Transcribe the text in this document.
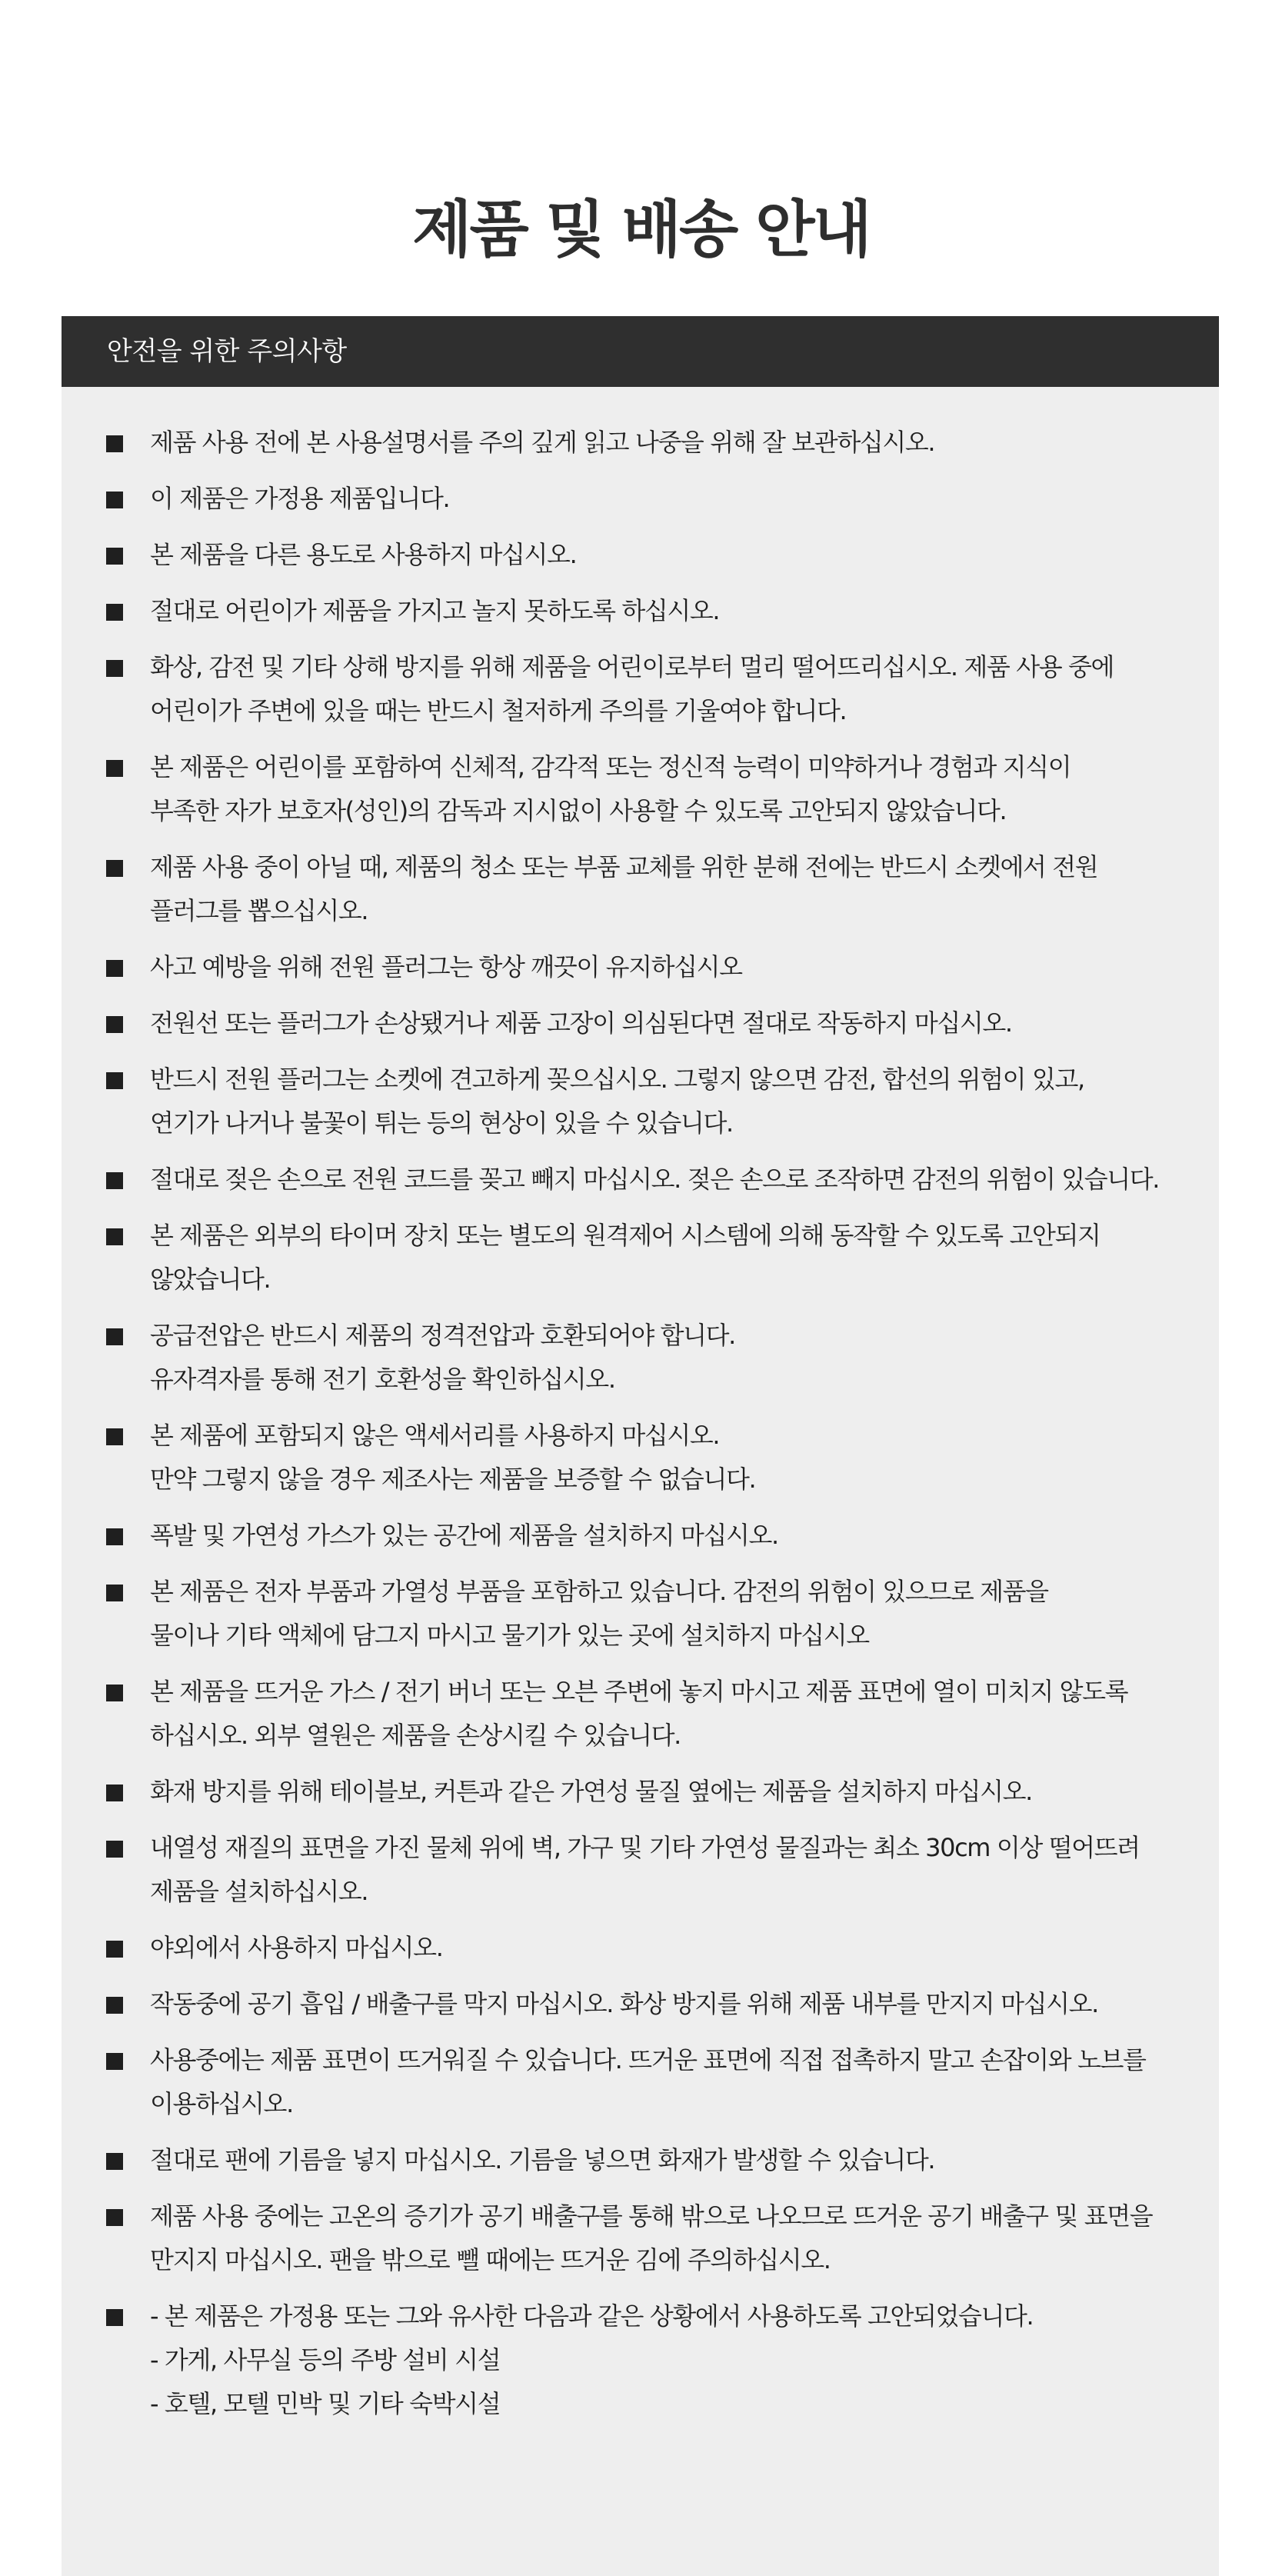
제품 및 배송 안내
안전을 위한 주의사항
제품 사용 전에 본 사용설명서를 주의 깊게 읽고 나중을 위해 잘 보관하십시오.
이 제품은 가정용 제품입니다.
본 제품을 다른 용도로 사용하지 마십시오.
절대로 어린이가 제품을 가지고 놀지 못하도록 하십시오.
화상, 감전 및 기타 상해 방지를 위해 제품을 어린이로부터 멀리 떨어뜨리십시오. 제품 사용 중에
어린이가 주변에 있을 때는 반드시 철저하게 주의를 기울여야 합니다.
본 제품은 어린이를 포함하여 신체적, 감각적 또는 정신적 능력이 미약하거나 경험과 지식이
부족한 자가 보호자(성인)의 감독과 지시없이 사용할 수 있도록 고안되지 않았습니다.
제품 사용 중이 아닐 때, 제품의 청소 또는 부품 교체를 위한 분해 전에는 반드시 소켓에서 전원
플러그를 뽑으십시오.
사고 예방을 위해 전원 플러그는 항상 깨끗이 유지하십시오
전원선 또는 플러그가 손상됐거나 제품 고장이 의심된다면 절대로 작동하지 마십시오.
반드시 전원 플러그는 소켓에 견고하게 꽂으십시오. 그렇지 않으면 감전, 합선의 위험이 있고,
연기가 나거나 불꽃이 튀는 등의 현상이 있을 수 있습니다.
절대로 젖은 손으로 전원 코드를 꽂고 빼지 마십시오. 젖은 손으로 조작하면 감전의 위험이 있습니다.
본 제품은 외부의 타이머 장치 또는 별도의 원격제어 시스템에 의해 동작할 수 있도록 고안되지
않았습니다.
공급전압은 반드시 제품의 정격전압과 호환되어야 합니다.
유자격자를 통해 전기 호환성을 확인하십시오.
본 제품에 포함되지 않은 액세서리를 사용하지 마십시오.
만약 그렇지 않을 경우 제조사는 제품을 보증할 수 없습니다.
폭발 및 가연성 가스가 있는 공간에 제품을 설치하지 마십시오.
본 제품은 전자 부품과 가열성 부품을 포함하고 있습니다. 감전의 위험이 있으므로 제품을
물이나 기타 액체에 담그지 마시고 물기가 있는 곳에 설치하지 마십시오
본 제품을 뜨거운 가스 / 전기 버너 또는 오븐 주변에 놓지 마시고 제품 표면에 열이 미치지 않도록
하십시오. 외부 열원은 제품을 손상시킬 수 있습니다.
화재 방지를 위해 테이블보, 커튼과 같은 가연성 물질 옆에는 제품을 설치하지 마십시오.
내열성 재질의 표면을 가진 물체 위에 벽, 가구 및 기타 가연성 물질과는 최소 30cm 이상 떨어뜨려
제품을 설치하십시오.
야외에서 사용하지 마십시오.
작동중에 공기 흡입 / 배출구를 막지 마십시오. 화상 방지를 위해 제품 내부를 만지지 마십시오.
사용중에는 제품 표면이 뜨거워질 수 있습니다. 뜨거운 표면에 직접 접촉하지 말고 손잡이와 노브를
이용하십시오.
절대로 팬에 기름을 넣지 마십시오. 기름을 넣으면 화재가 발생할 수 있습니다.
제품 사용 중에는 고온의 증기가 공기 배출구를 통해 밖으로 나오므로 뜨거운 공기 배출구 및 표면을
만지지 마십시오. 팬을 밖으로 뺄 때에는 뜨거운 김에 주의하십시오.
- 본 제품은 가정용 또는 그와 유사한 다음과 같은 상황에서 사용하도록 고안되었습니다.
- 가게, 사무실 등의 주방 설비 시설
- 호텔, 모텔 민박 및 기타 숙박시설
